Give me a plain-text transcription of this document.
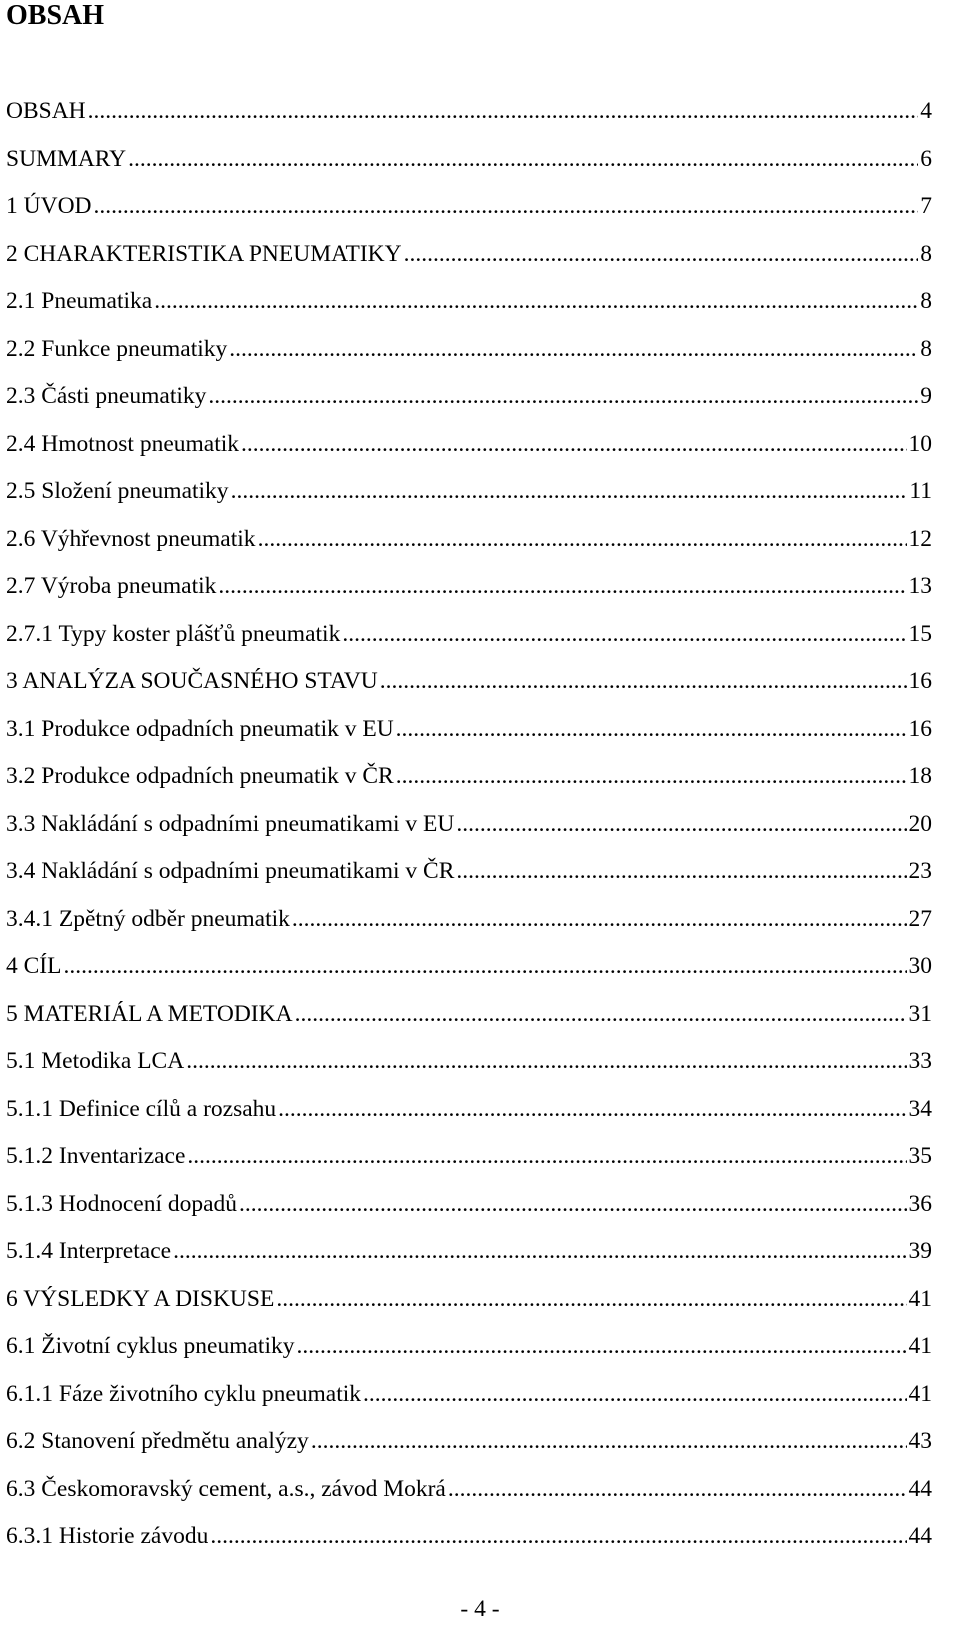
OBSAH
OBSAH .....	4
SUMMARY .....	6
1 ÚVOD .....	7
2 CHARAKTERISTIKA PNEUMATIKY .....	8
2.1 Pneumatika .....	8
2.2 Funkce pneumatiky .....	8
2.3 Části pneumatiky .....	9
2.4 Hmotnost pneumatik .....	10
2.5 Složení pneumatiky .....	11
2.6 Výhřevnost pneumatik .....	12
2.7 Výroba pneumatik .....	13
2.7.1 Typy koster plášťů pneumatik .....	15
3 ANALÝZA SOUČASNÉHO STAVU .....	16
3.1 Produkce odpadních pneumatik v EU .....	16
3.2 Produkce odpadních pneumatik v ČR .....	18
3.3 Nakládání s odpadními pneumatikami v EU .....	20
3.4 Nakládání s odpadními pneumatikami v ČR .....	23
3.4.1 Zpětný odběr pneumatik .....	27
4 CÍL .....	30
5 MATERIÁL A METODIKA .....	31
5.1 Metodika LCA .....	33
5.1.1 Definice cílů a rozsahu .....	34
5.1.2 Inventarizace .....	35
5.1.3 Hodnocení dopadů .....	36
5.1.4 Interpretace .....	39
6 VÝSLEDKY A DISKUSE .....	41
6.1 Životní cyklus pneumatiky .....	41
6.1.1 Fáze životního cyklu pneumatik .....	41
6.2 Stanovení předmětu analýzy .....	43
6.3 Českomoravský cement, a.s., závod Mokrá .....	44
6.3.1 Historie závodu .....	44
- 4 -
